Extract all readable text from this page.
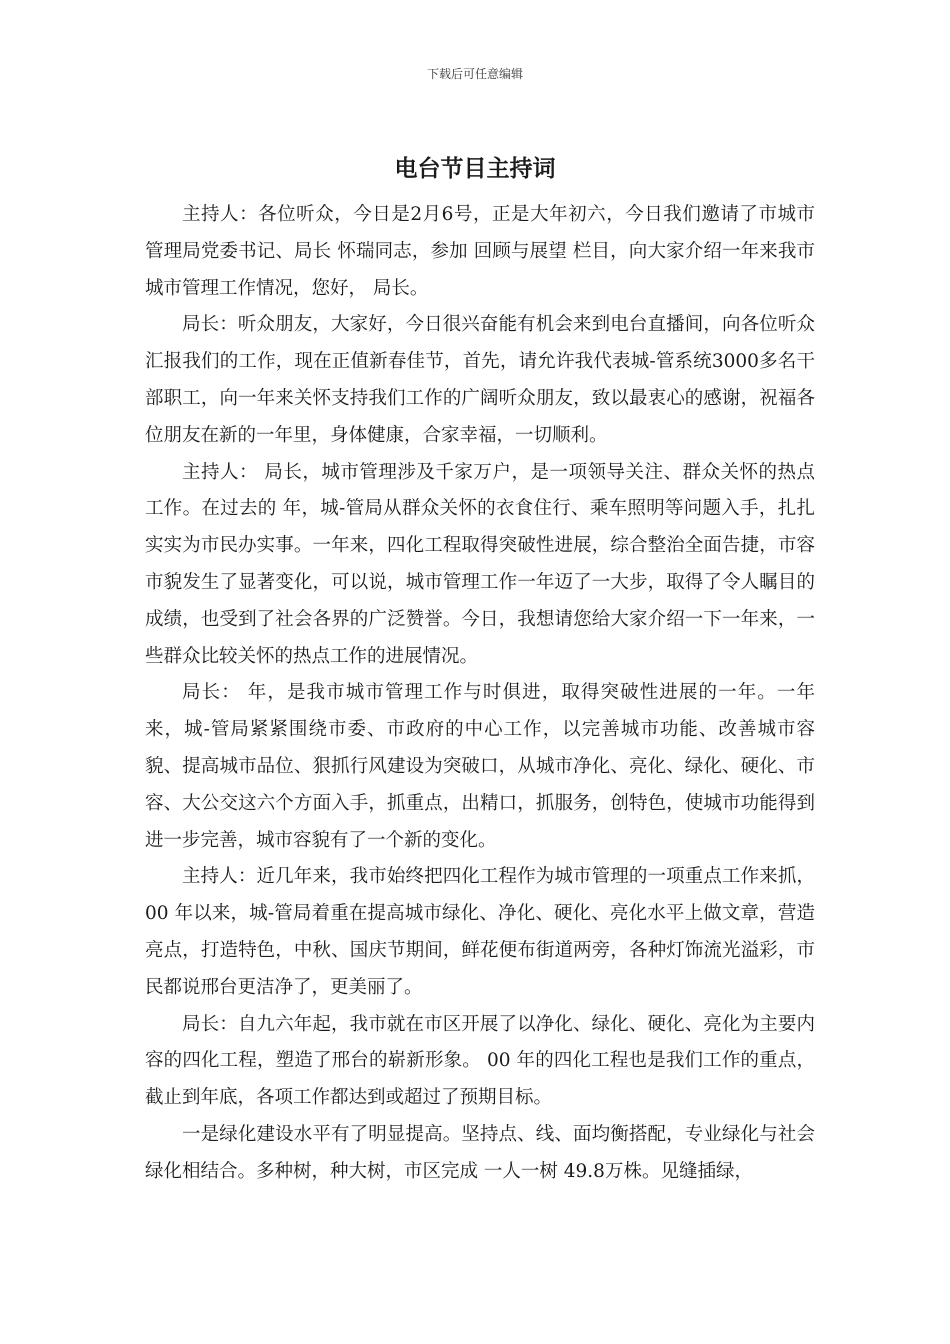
下载后可任意编辑
电台节目主持词

主持人：各位听众，今日是2月6号，正是大年初六，今日我们邀请了市城市管理局党委书记、局长 怀瑞同志，参加 回顾与展望 栏目，向大家介绍一年来我市城市管理工作情况，您好， 局长。

局长：听众朋友，大家好，今日很兴奋能有机会来到电台直播间，向各位听众汇报我们的工作，现在正值新春佳节，首先，请允许我代表城-管系统3000多名干部职工，向一年来关怀支持我们工作的广阔听众朋友，致以最衷心的感谢，祝福各位朋友在新的一年里，身体健康，合家幸福，一切顺利。

主持人： 局长，城市管理涉及千家万户，是一项领导关注、群众关怀的热点工作。在过去的 年，城-管局从群众关怀的衣食住行、乘车照明等问题入手，扎扎实实为市民办实事。一年来，四化工程取得突破性进展，综合整治全面告捷，市容市貌发生了显著变化，可以说，城市管理工作一年迈了一大步，取得了令人瞩目的成绩，也受到了社会各界的广泛赞誉。今日，我想请您给大家介绍一下一年来，一些群众比较关怀的热点工作的进展情况。

局长： 年，是我市城市管理工作与时俱进，取得突破性进展的一年。一年来，城-管局紧紧围绕市委、市政府的中心工作，以完善城市功能、改善城市容貌、提高城市品位、狠抓行风建设为突破口，从城市净化、亮化、绿化、硬化、市容、大公交这六个方面入手，抓重点，出精口，抓服务，创特色，使城市功能得到进一步完善，城市容貌有了一个新的变化。

主持人：近几年来，我市始终把四化工程作为城市管理的一项重点工作来抓， 00 年以来，城-管局着重在提高城市绿化、净化、硬化、亮化水平上做文章，营造亮点，打造特色，中秋、国庆节期间，鲜花便布街道两旁，各种灯饰流光溢彩，市民都说邢台更洁净了，更美丽了。

局长：自九六年起，我市就在市区开展了以净化、绿化、硬化、亮化为主要内容的四化工程，塑造了邢台的崭新形象。 00 年的四化工程也是我们工作的重点，截止到年底，各项工作都达到或超过了预期目标。

一是绿化建设水平有了明显提高。坚持点、线、面均衡搭配，专业绿化与社会绿化相结合。多种树，种大树，市区完成 一人一树 49.8万株。见缝插绿，
